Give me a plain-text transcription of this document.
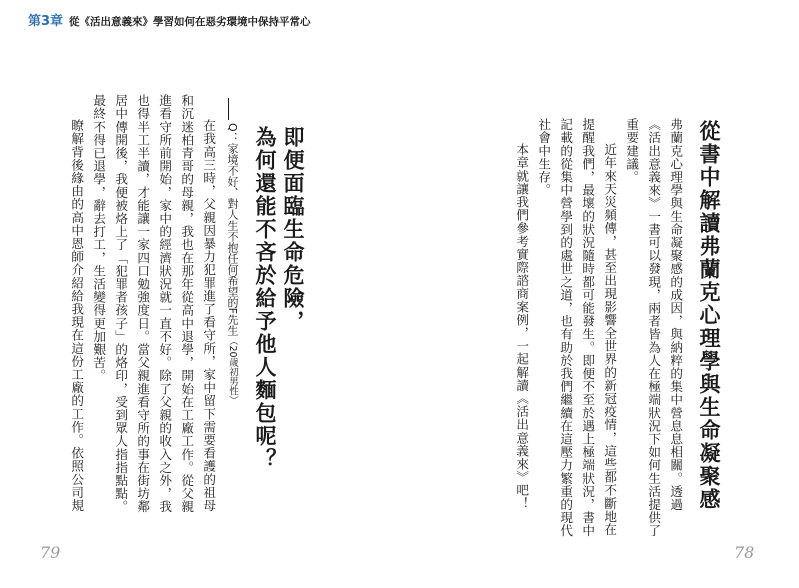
第3章 從《活出意義來》學習如何在惡劣環境中保持平常心
從書中解讀弗蘭克心理學與生命凝聚感
弗蘭克心理學與生命凝聚感的成因，與納粹的集中營息息相關。透過
《活出意義來》一書可以發現，兩者皆為人在極端狀況下如何生活提供了
重要建議。
近年來天災頻傳，甚至出現影響全世界的新冠疫情，這些都不斷地在
提醒我們，最壞的狀況隨時都可能發生。即便不至於遇上極端狀況，書中
記載的從集中營學到的處世之道，也有助於我們繼續在這壓力繁重的現代
社會中生存。
本章就讓我們參考實際諮商案例，一起解讀《活出意義來》吧！
即便面臨生命危險，
為何還能不吝於給予他人麵包呢？
Q：家境不好、對人生不抱任何希望的F先生（20歲初男性）
在我高三時，父親因暴力犯罪進了看守所，家中留下需要看護的祖母
和沉迷柏青哥的母親，我也在那年從高中退學，開始在工廠工作。從父親
進看守所前開始，家中的經濟狀況就一直不好。除了父親的收入之外，我
也得半工半讀，才能讓一家四口勉強度日。當父親進看守所的事在街坊鄰
居中傳開後，我便被烙上了「犯罪者孩子」的烙印，受到眾人指指點點。
最終不得已退學，辭去打工，生活變得更加艱苦。
瞭解背後緣由的高中恩師介紹給我現在這份工廠的工作。依照公司規
79	78
